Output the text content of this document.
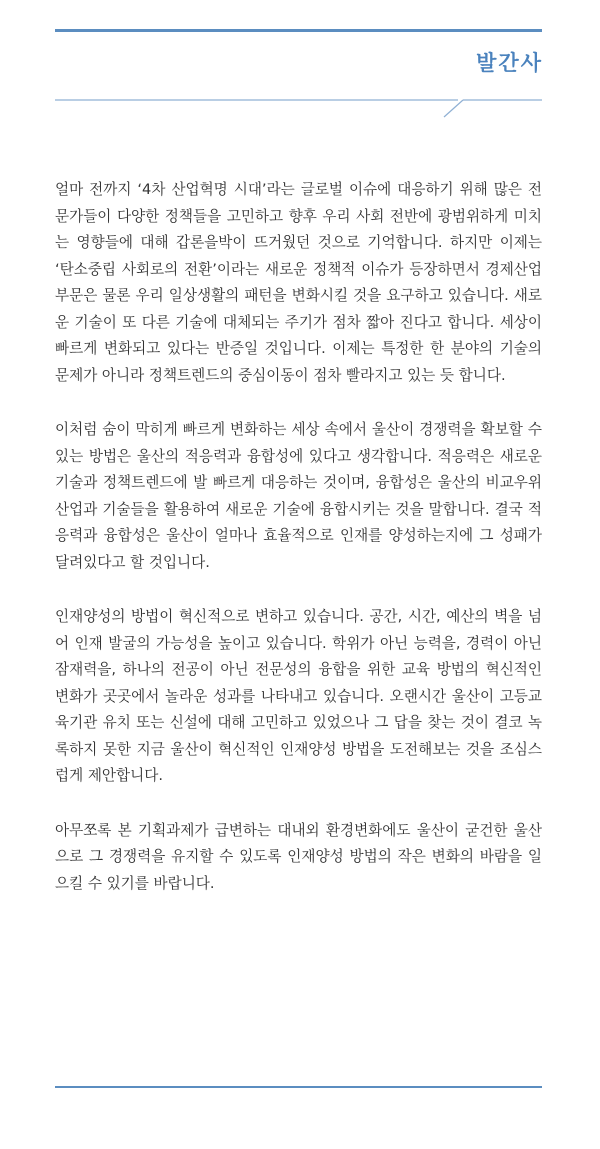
발간사

얼마 전까지 ‘4차 산업혁명 시대’라는 글로벌 이슈에 대응하기 위해 많은 전문가들이 다양한 정책들을 고민하고 향후 우리 사회 전반에 광범위하게 미치는 영향들에 대해 갑론을박이 뜨거웠던 것으로 기억합니다. 하지만 이제는 ‘탄소중립 사회로의 전환’이라는 새로운 정책적 이슈가 등장하면서 경제산업부문은 물론 우리 일상생활의 패턴을 변화시킬 것을 요구하고 있습니다. 새로운 기술이 또 다른 기술에 대체되는 주기가 점차 짧아 진다고 합니다. 세상이 빠르게 변화되고 있다는 반증일 것입니다. 이제는 특정한 한 분야의 기술의 문제가 아니라 정책트렌드의 중심이동이 점차 빨라지고 있는 듯 합니다.

이처럼 숨이 막히게 빠르게 변화하는 세상 속에서 울산이 경쟁력을 확보할 수 있는 방법은 울산의 적응력과 융합성에 있다고 생각합니다. 적응력은 새로운 기술과 정책트렌드에 발 빠르게 대응하는 것이며, 융합성은 울산의 비교우위산업과 기술들을 활용하여 새로운 기술에 융합시키는 것을 말합니다. 결국 적응력과 융합성은 울산이 얼마나 효율적으로 인재를 양성하는지에 그 성패가 달려있다고 할 것입니다.

인재양성의 방법이 혁신적으로 변하고 있습니다. 공간, 시간, 예산의 벽을 넘어 인재 발굴의 가능성을 높이고 있습니다. 학위가 아닌 능력을, 경력이 아닌 잠재력을, 하나의 전공이 아닌 전문성의 융합을 위한 교육 방법의 혁신적인 변화가 곳곳에서 놀라운 성과를 나타내고 있습니다. 오랜시간 울산이 고등교육기관 유치 또는 신설에 대해 고민하고 있었으나 그 답을 찾는 것이 결코 녹록하지 못한 지금 울산이 혁신적인 인재양성 방법을 도전해보는 것을 조심스럽게 제안합니다.

아무쪼록 본 기획과제가 급변하는 대내외 환경변화에도 울산이 굳건한 울산으로 그 경쟁력을 유지할 수 있도록 인재양성 방법의 작은 변화의 바람을 일으킬 수 있기를 바랍니다.
